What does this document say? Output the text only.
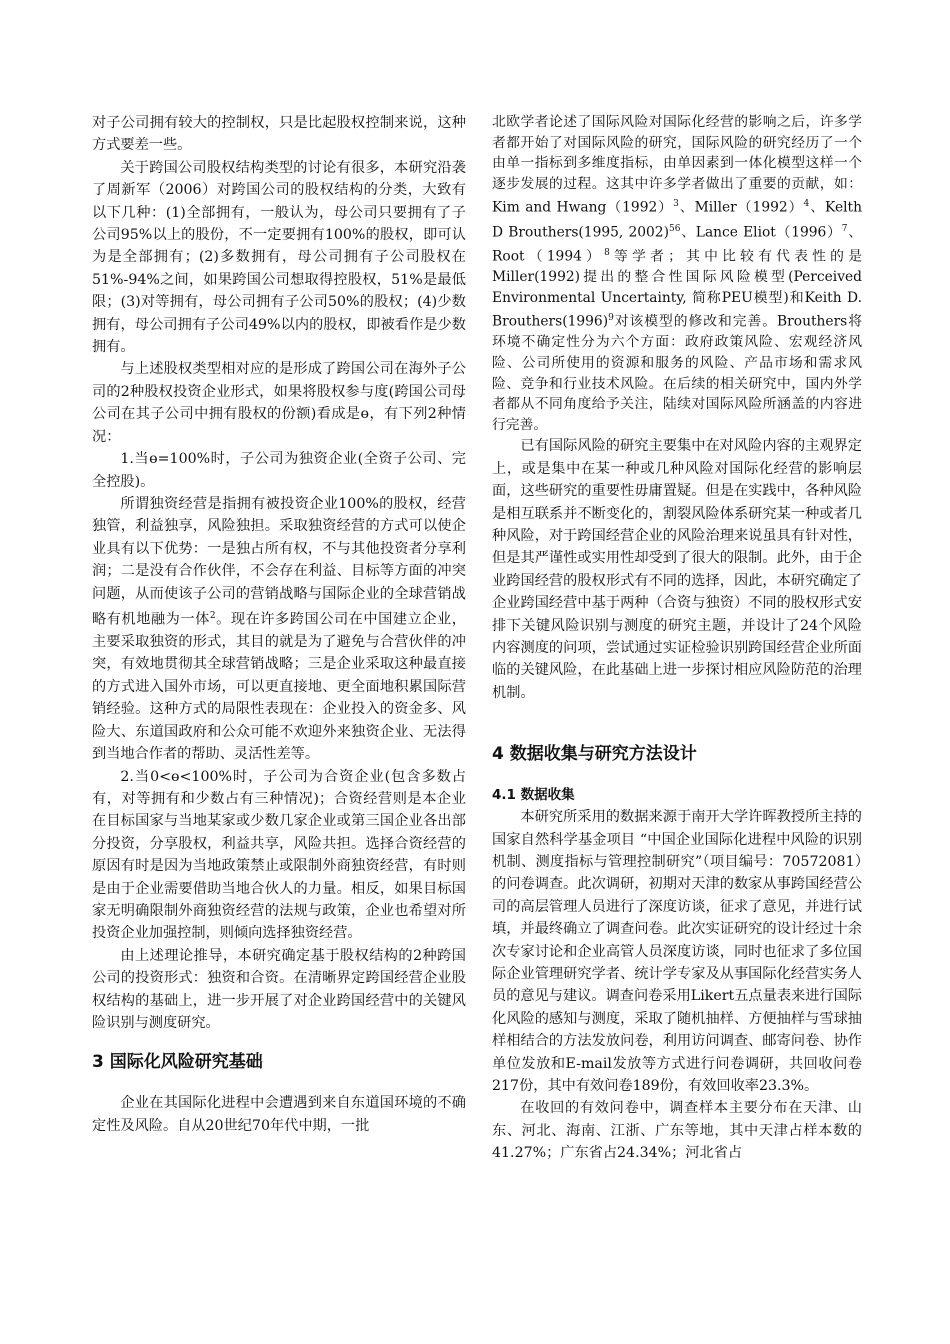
对子公司拥有较大的控制权，只是比起股权控制来说，这种方式要差一些。

关于跨国公司股权结构类型的讨论有很多，本研究沿袭了周新军（2006）对跨国公司的股权结构的分类，大致有以下几种：(1)全部拥有，一般认为，母公司只要拥有了子公司95%以上的股份，不一定要拥有100%的股权，即可认为是全部拥有；(2)多数拥有，母公司拥有子公司股权在51%-94%之间，如果跨国公司想取得控股权，51%是最低限；(3)对等拥有，母公司拥有子公司50%的股权；(4)少数拥有，母公司拥有子公司49%以内的股权，即被看作是少数拥有。

与上述股权类型相对应的是形成了跨国公司在海外子公司的2种股权投资企业形式，如果将股权参与度(跨国公司母公司在其子公司中拥有股权的份额)看成是ɵ，有下列2种情况：

1.当ɵ=100%时，子公司为独资企业(全资子公司、完全控股)。

所谓独资经营是指拥有被投资企业100%的股权，经营独管，利益独享，风险独担。采取独资经营的方式可以使企业具有以下优势：一是独占所有权，不与其他投资者分享利润；二是没有合作伙伴，不会存在利益、目标等方面的冲突问题，从而使该子公司的营销战略与国际企业的全球营销战略有机地融为一体$^2$。现在许多跨国公司在中国建立企业，主要采取独资的形式，其目的就是为了避免与合营伙伴的冲突，有效地贯彻其全球营销战略；三是企业采取这种最直接的方式进入国外市场，可以更直接地、更全面地积累国际营销经验。这种方式的局限性表现在：企业投入的资金多、风险大、东道国政府和公众可能不欢迎外来独资企业、无法得到当地合作者的帮助、灵活性差等。

2.当0<ɵ<100%时，子公司为合资企业(包含多数占有，对等拥有和少数占有三种情况)；合资经营则是本企业在目标国家与当地某家或少数几家企业或第三国企业各出部分投资，分享股权，利益共享，风险共担。选择合资经营的原因有时是因为当地政策禁止或限制外商独资经营，有时则是由于企业需要借助当地合伙人的力量。相反，如果目标国家无明确限制外商独资经营的法规与政策，企业也希望对所投资企业加强控制，则倾向选择独资经营。

由上述理论推导，本研究确定基于股权结构的2种跨国公司的投资形式：独资和合资。在清晰界定跨国经营企业股权结构的基础上，进一步开展了对企业跨国经营中的关键风险识别与测度研究。

3 国际化风险研究基础

企业在其国际化进程中会遭遇到来自东道国环境的不确定性及风险。自从20世纪70年代中期，一批

北欧学者论述了国际风险对国际化经营的影响之后，许多学者都开始了对国际风险的研究，国际风险的研究经历了一个由单一指标到多维度指标，由单因素到一体化模型这样一个逐步发展的过程。这其中许多学者做出了重要的贡献，如：Kim and $Hwang(1992)^3$、$Miller(1992)^4$、Kelth D Brouthers(1995, 2002)$^{56}$、Lance $Eliot(1996)^7$、$Root(1994)^8$等学者；其中比较有代表性的是Miller(1992)提出的整合性国际风险模型(Perceived Environmental Uncertainty, 简称PEU模型)和Keith D. $Brouthers(1996)^9$对该模型的修改和完善。Brouthers将环境不确定性分为六个方面：政府政策风险、宏观经济风险、公司所使用的资源和服务的风险、产品市场和需求风险、竞争和行业技术风险。在后续的相关研究中，国内外学者都从不同角度给予关注，陆续对国际风险所涵盖的内容进行完善。

已有国际风险的研究主要集中在对风险内容的主观界定上，或是集中在某一种或几种风险对国际化经营的影响层面，这些研究的重要性毋庸置疑。但是在实践中，各种风险是相互联系并不断变化的，割裂风险体系研究某一种或者几种风险，对于跨国经营企业的风险治理来说虽具有针对性，但是其严谨性或实用性却受到了很大的限制。此外，由于企业跨国经营的股权形式有不同的选择，因此，本研究确定了企业跨国经营中基于两种（合资与独资）不同的股权形式安排下关键风险识别与测度的研究主题，并设计了24个风险内容测度的问项，尝试通过实证检验识别跨国经营企业所面临的关键风险，在此基础上进一步探讨相应风险防范的治理机制。

4 数据收集与研究方法设计
4.1 数据收集

本研究所采用的数据来源于南开大学许晖教授所主持的国家自然科学基金项目 “中国企业国际化进程中风险的识别机制、测度指标与管理控制研究”（项目编号：70572081）的问卷调查。此次调研，初期对天津的数家从事跨国经营公司的高层管理人员进行了深度访谈，征求了意见，并进行试填，并最终确立了调查问卷。此次实证研究的设计经过十余次专家讨论和企业高管人员深度访谈，同时也征求了多位国际企业管理研究学者、统计学专家及从事国际化经营实务人员的意见与建议。调查问卷采用Likert五点量表来进行国际化风险的感知与测度，采取了随机抽样、方便抽样与雪球抽样相结合的方法发放问卷，利用访问调查、邮寄问卷、协作单位发放和E-mail发放等方式进行问卷调研，共回收问卷217份，其中有效问卷189份，有效回收率23.3%。

在收回的有效问卷中，调查样本主要分布在天津、山东、河北、海南、江浙、广东等地，其中天津占样本数的41.27%；广东省占24.34%；河北省占
